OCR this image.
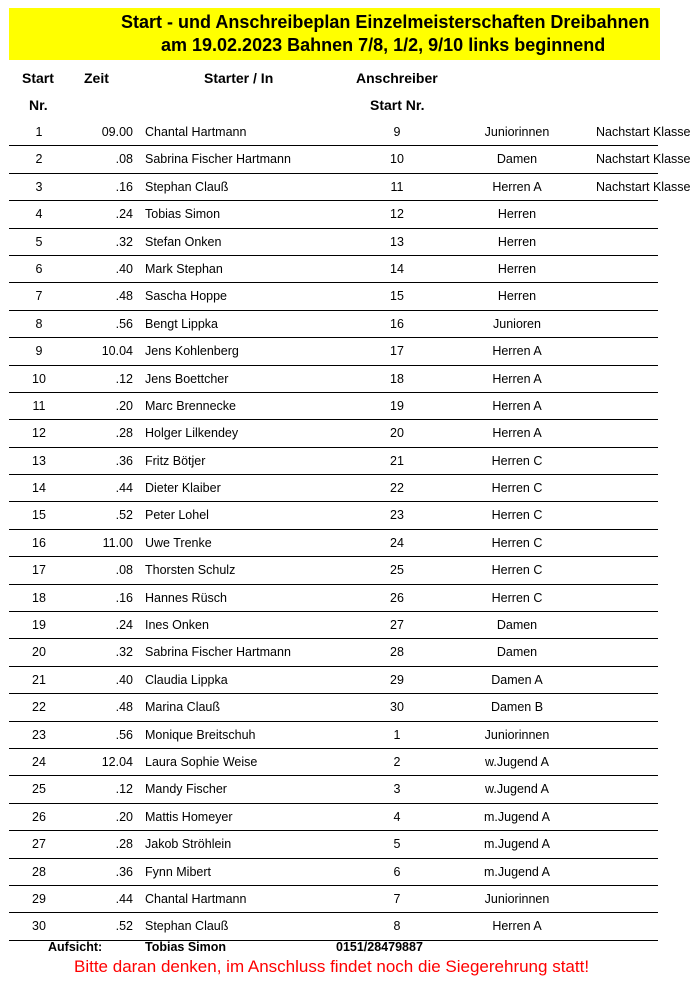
Start - und Anschreibeplan Einzelmeisterschaften Dreibahnen
am 19.02.2023 Bahnen 7/8, 1/2, 9/10 links beginnend
Start Zeit	Starter / In	Anschreiber
Nr.	Start Nr.
1	09.00 Chantal Hartmann	9	Juniorinnen	Nachstart Klasse
2	.08 Sabrina Fischer Hartmann	10	Damen	Nachstart Klasse
3	.16 Stephan Clauß	11	Herren A	Nachstart Klasse
4	.24 Tobias Simon	12	Herren
5	.32 Stefan Onken	13	Herren
6	.40 Mark Stephan	14	Herren
7	.48 Sascha Hoppe	15	Herren
8	.56 Bengt Lippka	16	Junioren
9	10.04 Jens Kohlenberg	17	Herren A
10	.12 Jens Boettcher	18	Herren A
11	.20 Marc Brennecke	19	Herren A
12	.28 Holger Lilkendey	20	Herren A
13	.36 Fritz Bötjer	21	Herren C
14	.44 Dieter Klaiber	22	Herren C
15	.52 Peter Lohel	23	Herren C
16	11.00 Uwe Trenke	24	Herren C
17	.08 Thorsten Schulz	25	Herren C
18	.16 Hannes Rüsch	26	Herren C
19	.24 Ines Onken	27	Damen
20	.32 Sabrina Fischer Hartmann	28	Damen
21	.40 Claudia Lippka	29	Damen A
22	.48 Marina Clauß	30	Damen B
23	.56 Monique Breitschuh	1	Juniorinnen
24	12.04 Laura Sophie Weise	2	w.Jugend A
25	.12 Mandy Fischer	3	w.Jugend A
26	.20 Mattis Homeyer	4	m.Jugend A
27	.28 Jakob Ströhlein	5	m.Jugend A
28	.36 Fynn Mibert	6	m.Jugend A
29	.44 Chantal Hartmann	7	Juniorinnen
30	.52 Stephan Clauß	8	Herren A
Aufsicht:	Tobias Simon	0151/28479887
Bitte daran denken, im Anschluss findet noch die Siegerehrung statt!
